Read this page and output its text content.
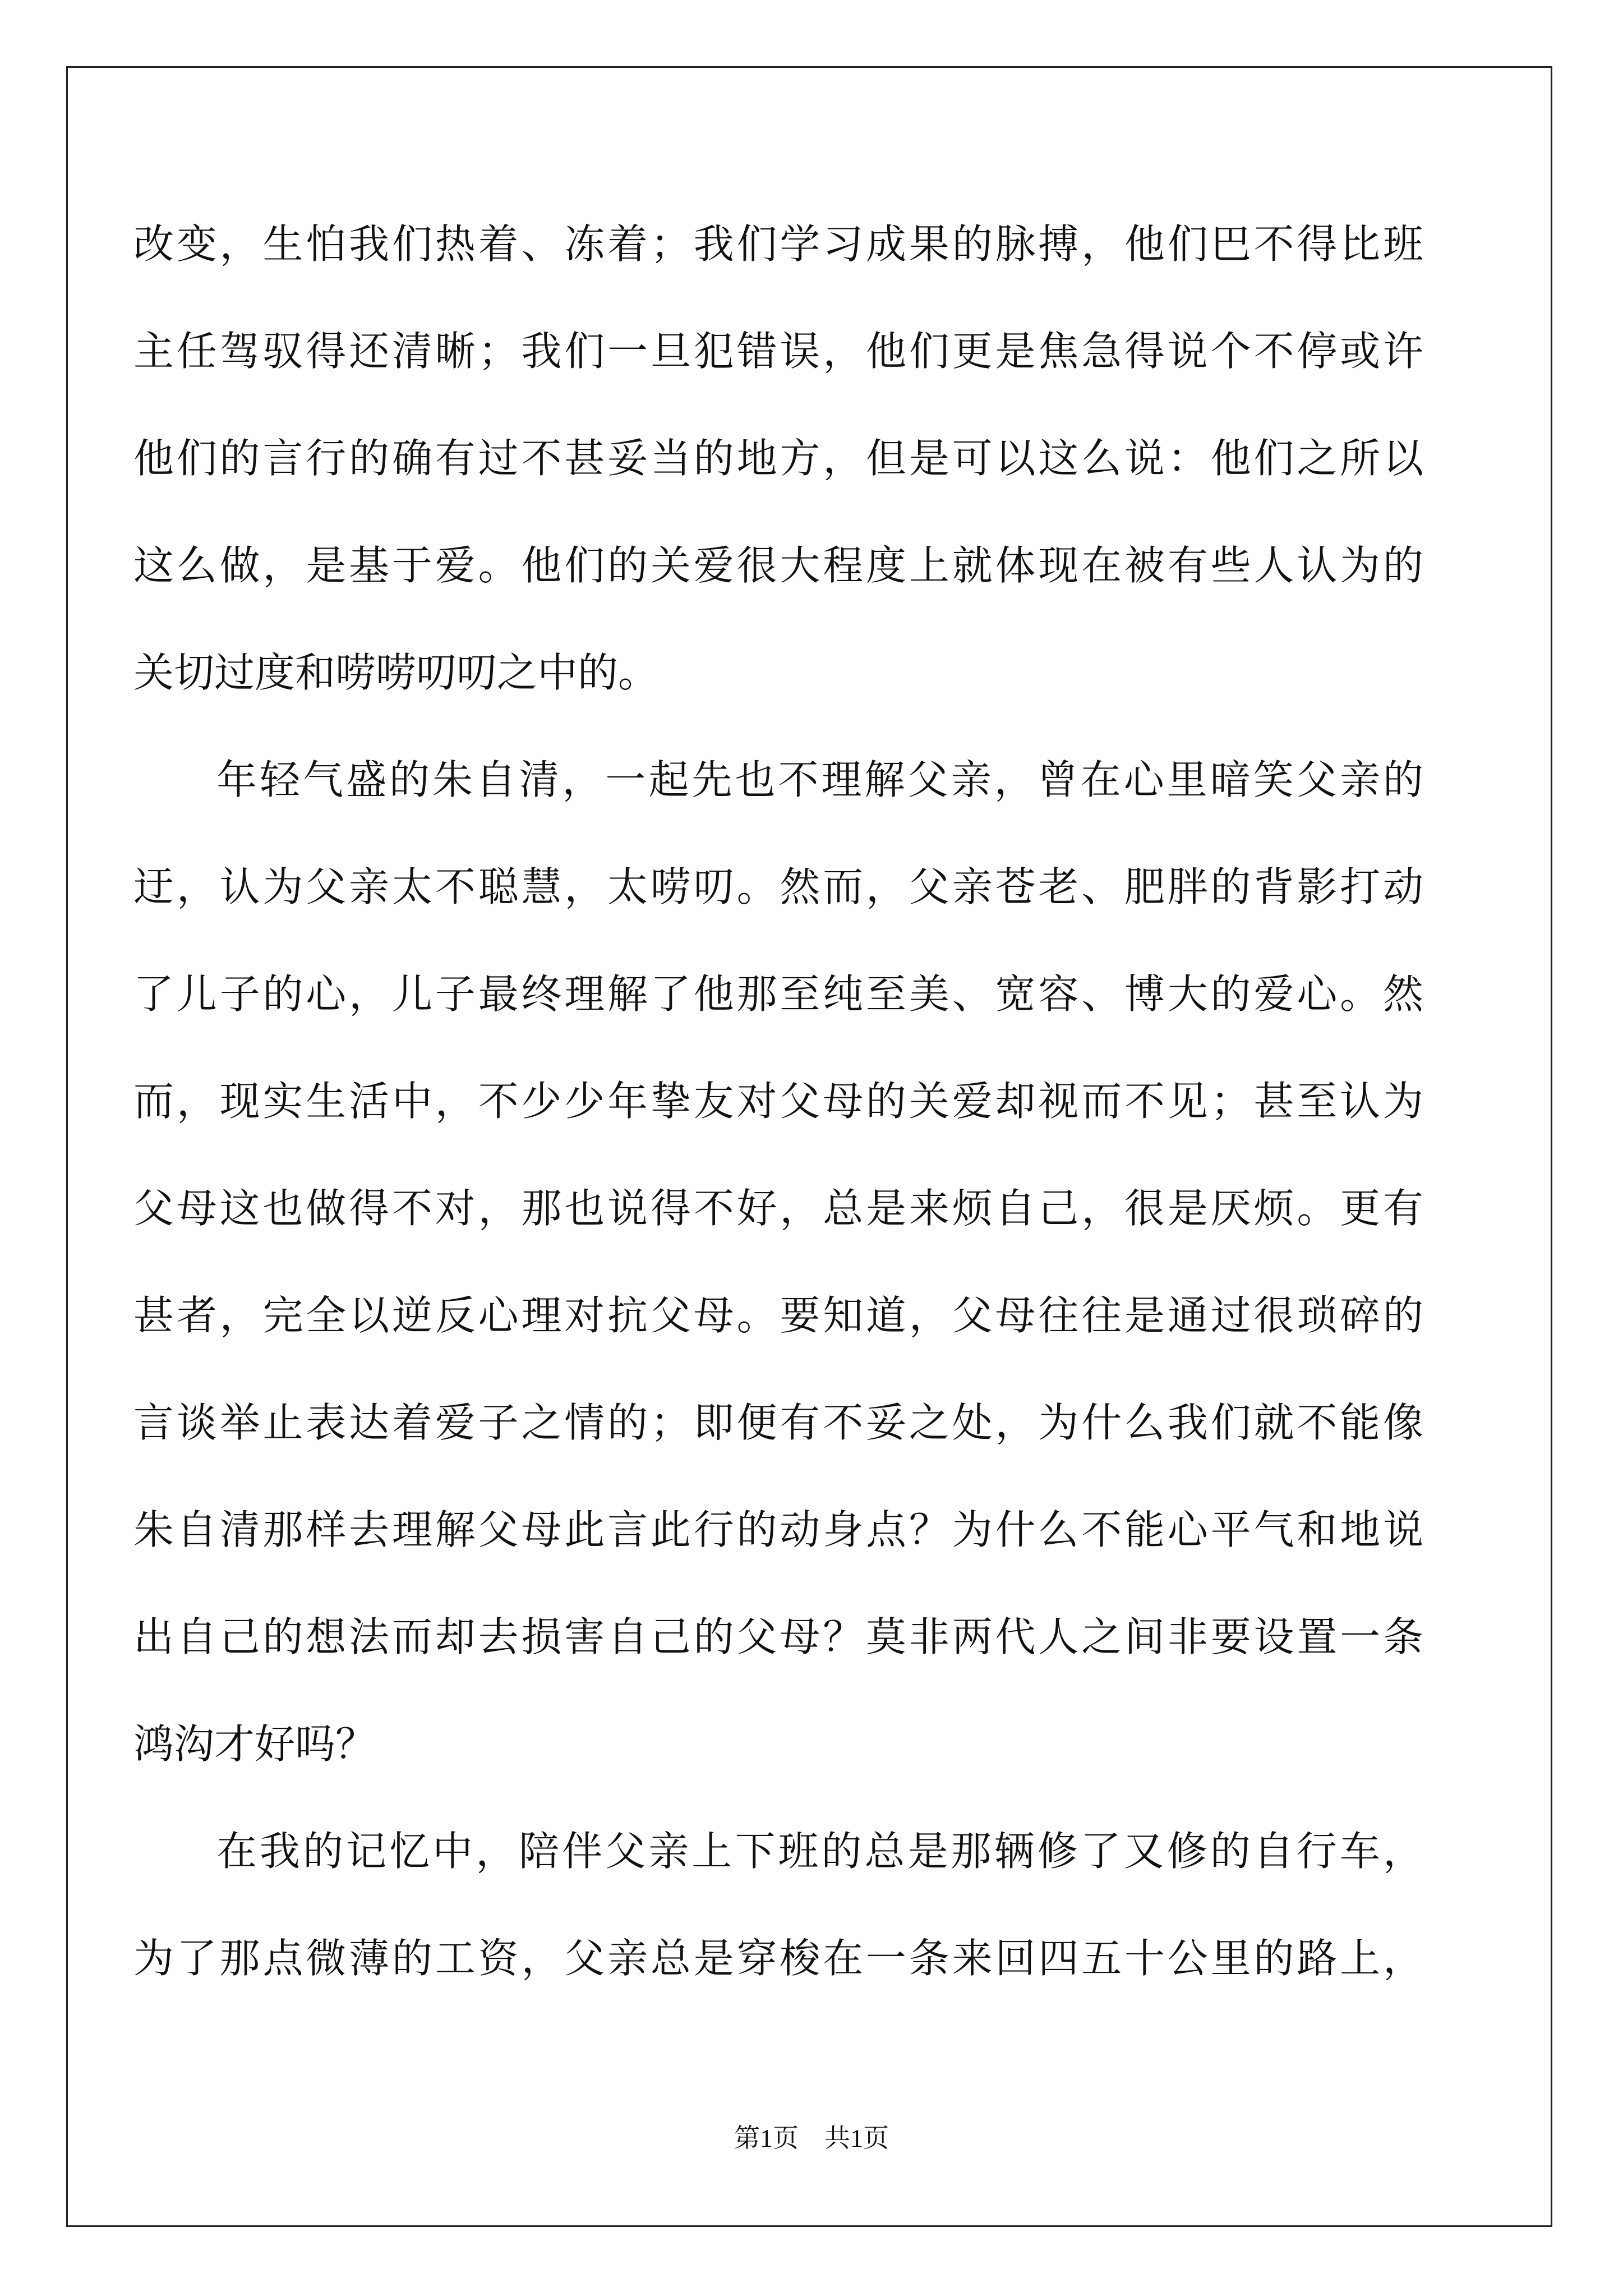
改变，生怕我们热着、冻着；我们学习成果的脉搏，他们巴不得比班
主任驾驭得还清晰；我们一旦犯错误，他们更是焦急得说个不停或许
他们的言行的确有过不甚妥当的地方，但是可以这么说：他们之所以
这么做，是基于爱。他们的关爱很大程度上就体现在被有些人认为的
关切过度和唠唠叨叨之中的。
年轻气盛的朱自清，一起先也不理解父亲，曾在心里暗笑父亲的
迂，认为父亲太不聪慧，太唠叨。然而，父亲苍老、肥胖的背影打动
了儿子的心，儿子最终理解了他那至纯至美、宽容、博大的爱心。然
而，现实生活中，不少少年挚友对父母的关爱却视而不见；甚至认为
父母这也做得不对，那也说得不好，总是来烦自己，很是厌烦。更有
甚者，完全以逆反心理对抗父母。要知道，父母往往是通过很琐碎的
言谈举止表达着爱子之情的；即便有不妥之处，为什么我们就不能像
朱自清那样去理解父母此言此行的动身点？为什么不能心平气和地说
出自己的想法而却去损害自己的父母？莫非两代人之间非要设置一条
鸿沟才好吗？
在我的记忆中，陪伴父亲上下班的总是那辆修了又修的自行车，
为了那点微薄的工资，父亲总是穿梭在一条来回四五十公里的路上，
第1页 共1页
